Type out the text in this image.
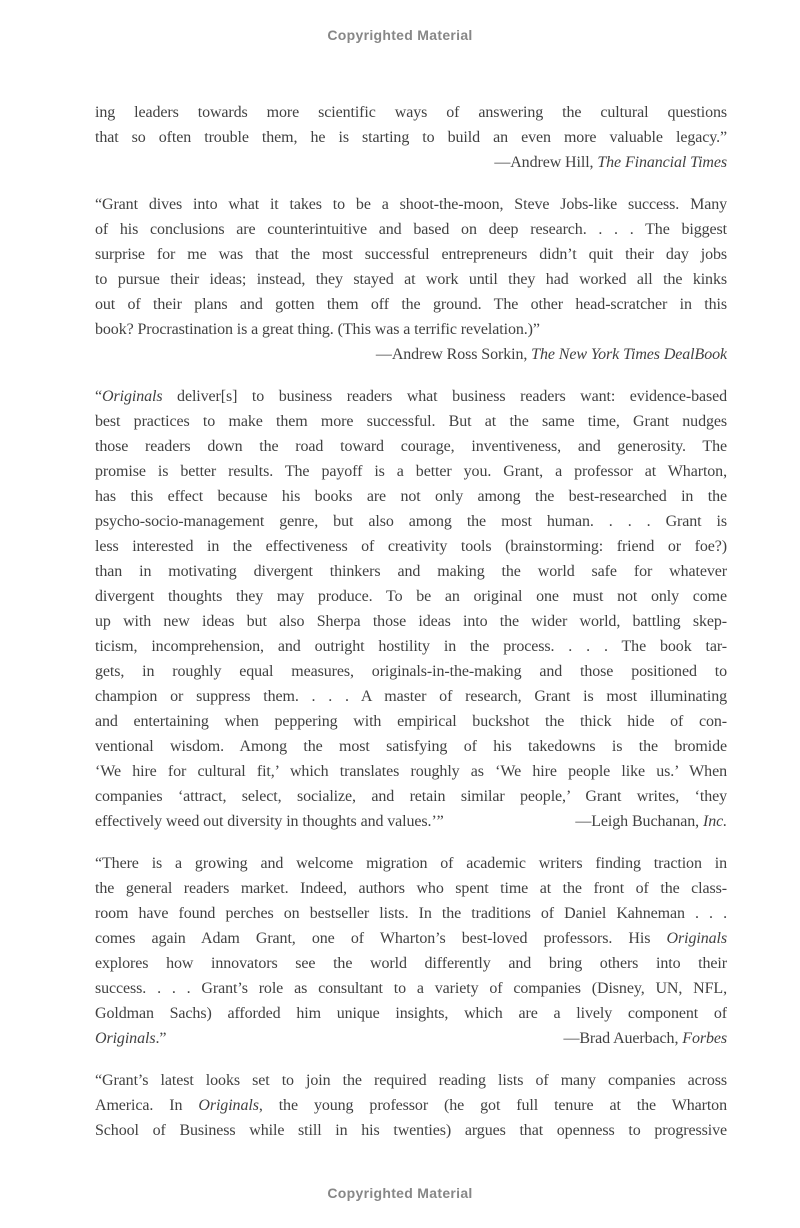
Copyrighted Material
ing leaders towards more scientific ways of answering the cultural questions
that so often trouble them, he is starting to build an even more valuable legacy.”
—Andrew Hill, The Financial Times
“Grant dives into what it takes to be a shoot-the-moon, Steve Jobs-like success. Many
of his conclusions are counterintuitive and based on deep research. . . . The biggest
surprise for me was that the most successful entrepreneurs didn’t quit their day jobs
to pursue their ideas; instead, they stayed at work until they had worked all the kinks
out of their plans and gotten them off the ground. The other head-scratcher in this
book? Procrastination is a great thing. (This was a terrific revelation.)”
—Andrew Ross Sorkin, The New York Times DealBook
“Originals deliver[s] to business readers what business readers want: evidence-based
best practices to make them more successful. But at the same time, Grant nudges
those readers down the road toward courage, inventiveness, and generosity. The
promise is better results. The payoff is a better you. Grant, a professor at Wharton,
has this effect because his books are not only among the best-researched in the
psycho-socio-management genre, but also among the most human. . . . Grant is
less interested in the effectiveness of creativity tools (brainstorming: friend or foe?)
than in motivating divergent thinkers and making the world safe for whatever
divergent thoughts they may produce. To be an original one must not only come
up with new ideas but also Sherpa those ideas into the wider world, battling skep-
ticism, incomprehension, and outright hostility in the process. . . . The book tar-
gets, in roughly equal measures, originals-in-the-making and those positioned to
champion or suppress them. . . . A master of research, Grant is most illuminating
and entertaining when peppering with empirical buckshot the thick hide of con-
ventional wisdom. Among the most satisfying of his takedowns is the bromide
‘We hire for cultural fit,’ which translates roughly as ‘We hire people like us.’ When
companies ‘attract, select, socialize, and retain similar people,’ Grant writes, ‘they
effectively weed out diversity in thoughts and values.’”	—Leigh Buchanan, Inc.
“There is a growing and welcome migration of academic writers finding traction in
the general readers market. Indeed, authors who spent time at the front of the class-
room have found perches on bestseller lists. In the traditions of Daniel Kahneman . . .
comes again Adam Grant, one of Wharton’s best-loved professors. His Originals
explores how innovators see the world differently and bring others into their
success. . . . Grant’s role as consultant to a variety of companies (Disney, UN, NFL,
Goldman Sachs) afforded him unique insights, which are a lively component of
Originals.”	—Brad Auerbach, Forbes
“Grant’s latest looks set to join the required reading lists of many companies across
America. In Originals, the young professor (he got full tenure at the Wharton
School of Business while still in his twenties) argues that openness to progressive
Copyrighted Material
